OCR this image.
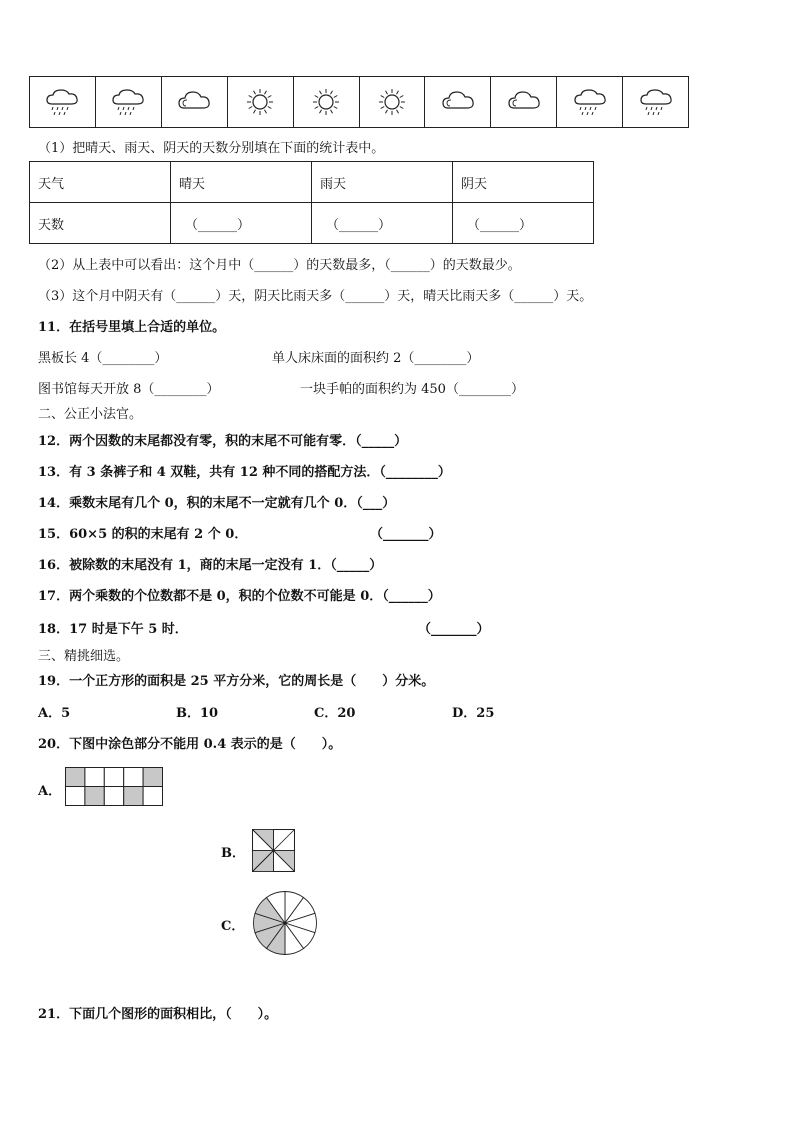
（1）把晴天、雨天、阴天的天数分别填在下面的统计表中。
天气	晴天	雨天	阴天
天数	（______）	（______）	（______）
（2）从上表中可以看出：这个月中（______）的天数最多，（______）的天数最少。
（3）这个月中阴天有（______）天，阴天比雨天多（______）天，晴天比雨天多（______）天。
11．在括号里填上合适的单位。
黑板长 4（________）	单人床床面的面积约 2（________）
图书馆每天开放 8（________）	一块手帕的面积约为 450（________）
二、公正小法官。
12．两个因数的末尾都没有零，积的末尾不可能有零．（_____）
13．有 3 条裤子和 4 双鞋，共有 12 种不同的搭配方法．（________）
14．乘数末尾有几个 0，积的末尾不一定就有几个 0．（___）
15．60×5 的积的末尾有 2 个 0．	（_______）
16．被除数的末尾没有 1，商的末尾一定没有 1．（_____）
17．两个乘数的个位数都不是 0，积的个位数不可能是 0．（______）
18．17 时是下午 5 时．	（_______）
三、精挑细选。
19．一个正方形的面积是 25 平方分米，它的周长是（　　）分米。
A．5	B．10	C．20	D．25
20．下图中涂色部分不能用 0.4 表示的是（　　）。
A．
B．
C．
21．下面几个图形的面积相比，（　　）。
